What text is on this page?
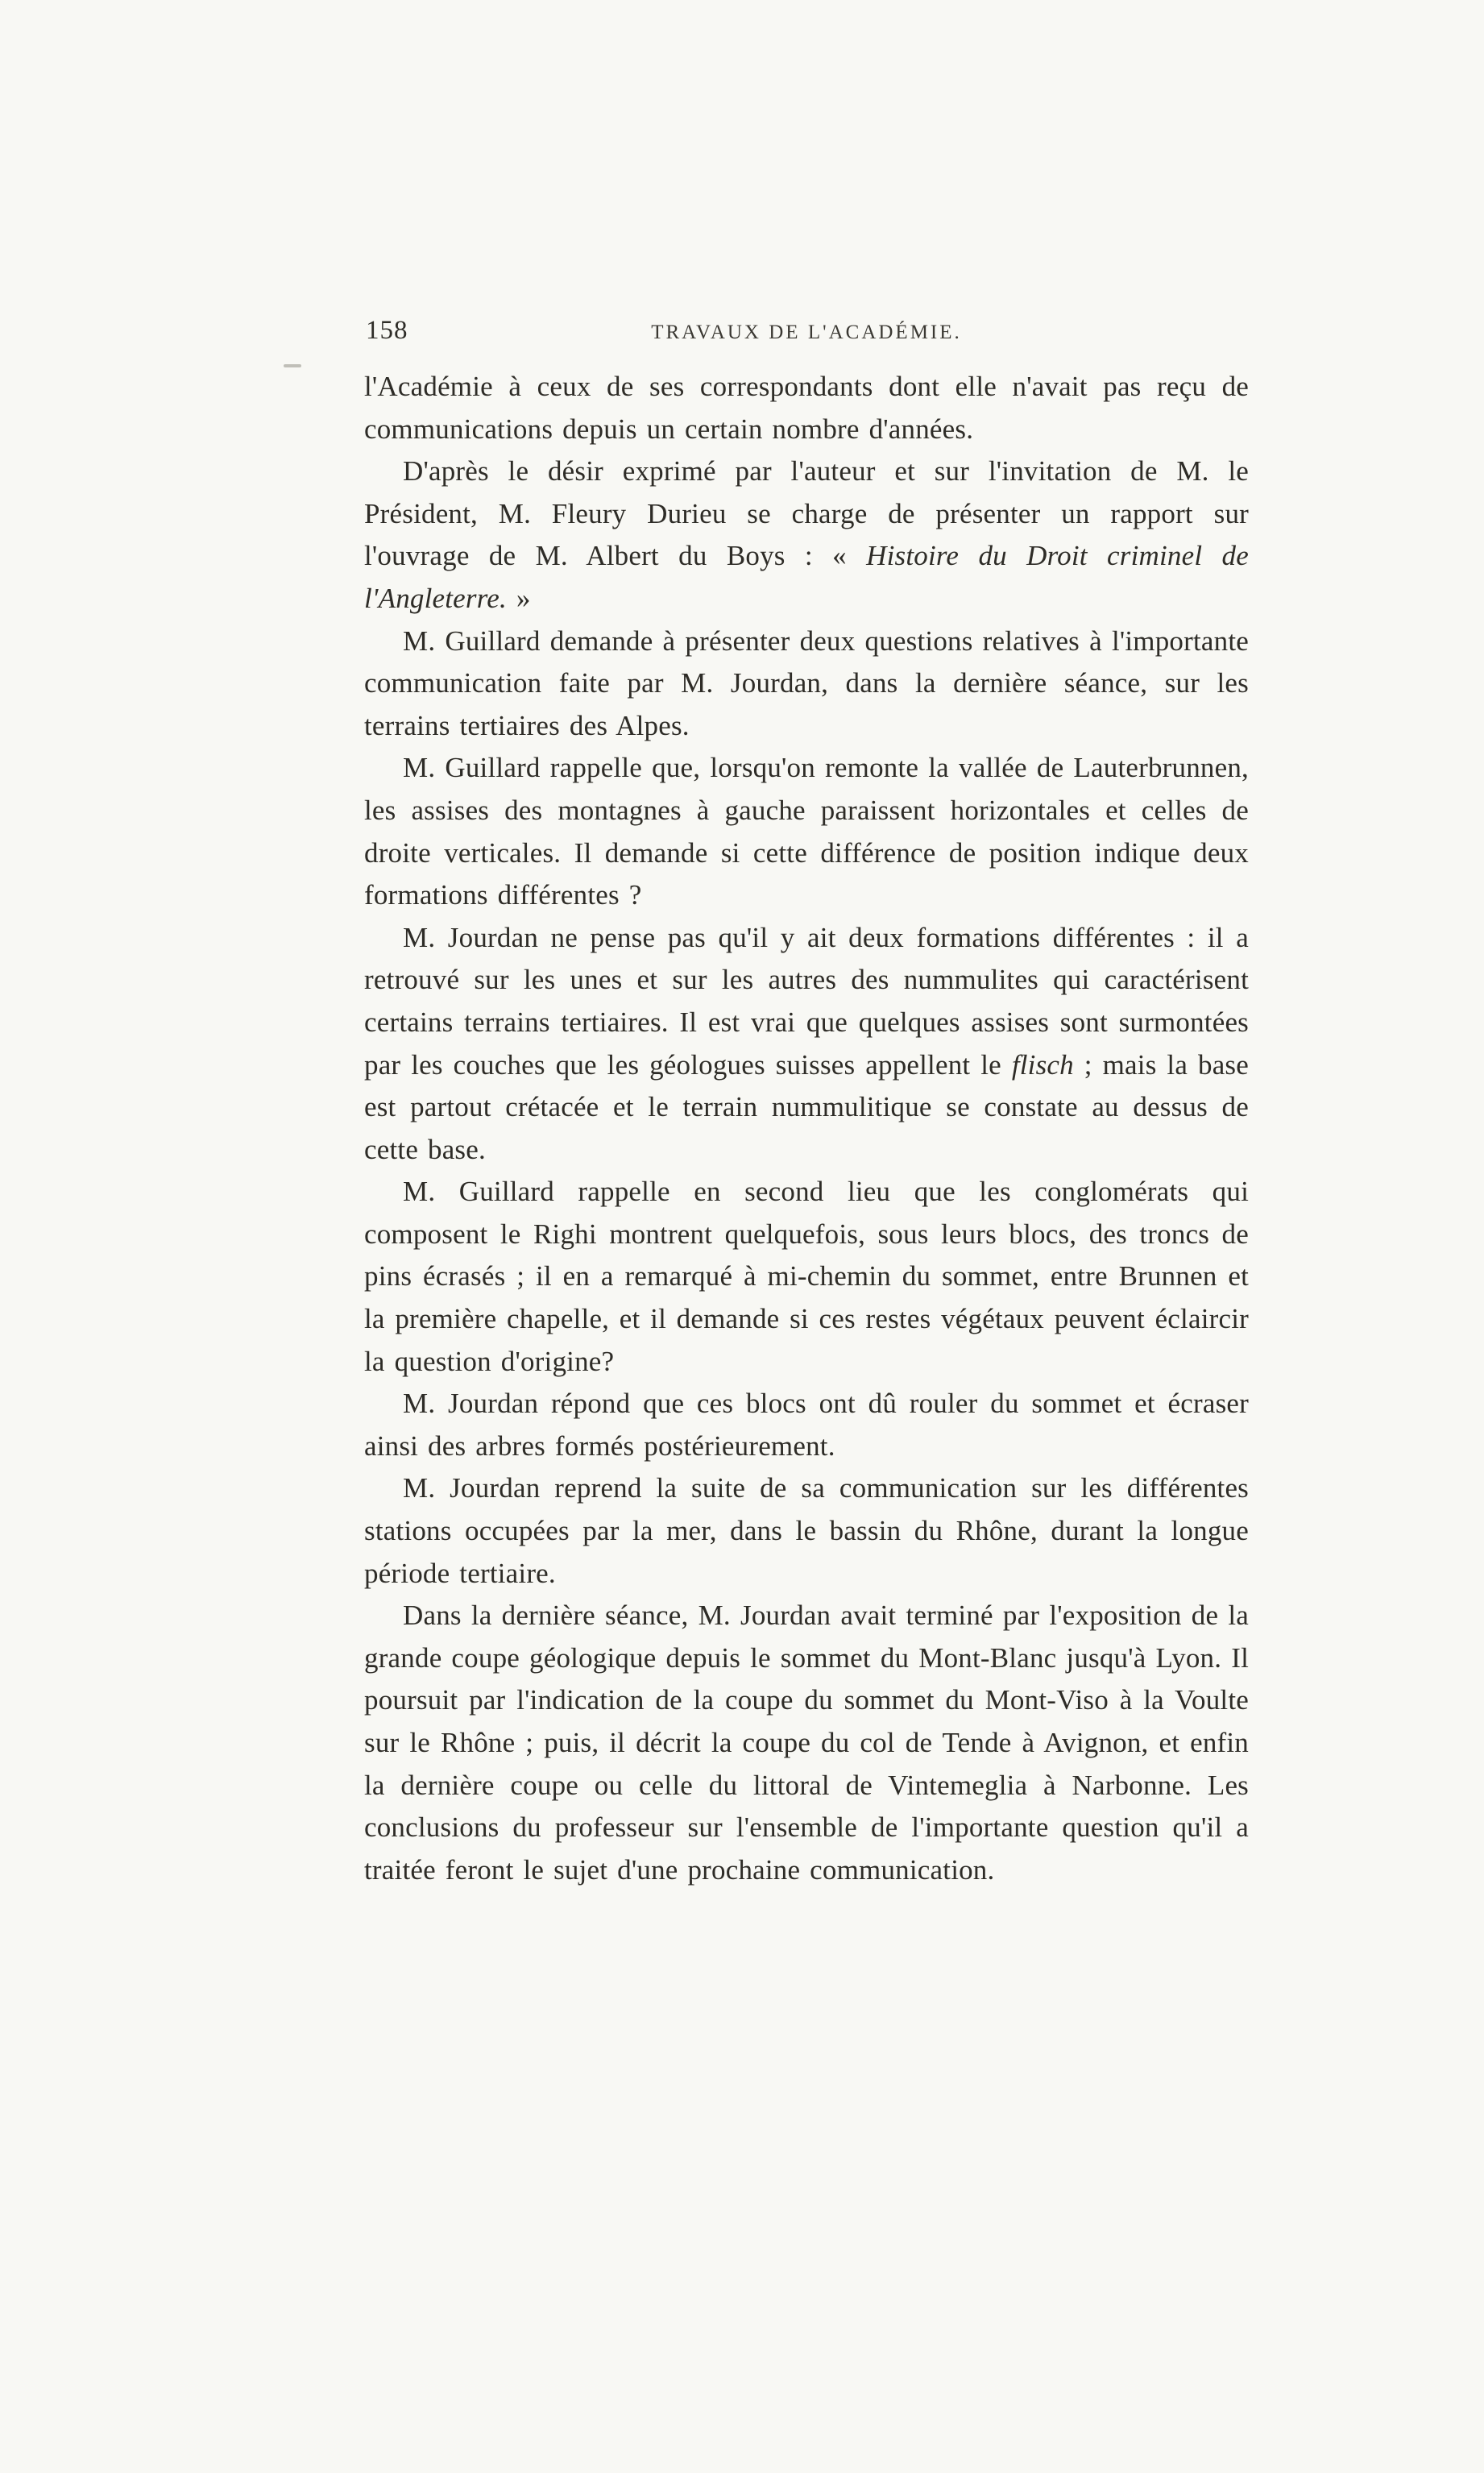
158	TRAVAUX DE L'ACADÉMIE.

l'Académie à ceux de ses correspondants dont elle n'avait pas reçu de communications depuis un certain nombre d'années.

D'après le désir exprimé par l'auteur et sur l'invitation de M. le Président, M. Fleury Durieu se charge de présenter un rapport sur l'ouvrage de M. Albert du Boys : « Histoire du Droit criminel de l'Angleterre. »

M. Guillard demande à présenter deux questions relatives à l'importante communication faite par M. Jourdan, dans la dernière séance, sur les terrains tertiaires des Alpes.

M. Guillard rappelle que, lorsqu'on remonte la vallée de Lauterbrunnen, les assises des montagnes à gauche paraissent horizontales et celles de droite verticales. Il demande si cette différence de position indique deux formations différentes ?

M. Jourdan ne pense pas qu'il y ait deux formations différentes : il a retrouvé sur les unes et sur les autres des nummulites qui caractérisent certains terrains tertiaires. Il est vrai que quelques assises sont surmontées par les couches que les géologues suisses appellent le flisch ; mais la base est partout crétacée et le terrain nummulitique se constate au dessus de cette base.

M. Guillard rappelle en second lieu que les conglomérats qui composent le Righi montrent quelquefois, sous leurs blocs, des troncs de pins écrasés ; il en a remarqué à mi-chemin du sommet, entre Brunnen et la première chapelle, et il demande si ces restes végétaux peuvent éclaircir la question d'origine?

M. Jourdan répond que ces blocs ont dû rouler du sommet et écraser ainsi des arbres formés postérieurement.

M. Jourdan reprend la suite de sa communication sur les différentes stations occupées par la mer, dans le bassin du Rhône, durant la longue période tertiaire.

Dans la dernière séance, M. Jourdan avait terminé par l'exposition de la grande coupe géologique depuis le sommet du Mont-Blanc jusqu'à Lyon. Il poursuit par l'indication de la coupe du sommet du Mont-Viso à la Voulte sur le Rhône ; puis, il décrit la coupe du col de Tende à Avignon, et enfin la dernière coupe ou celle du littoral de Vintemeglia à Narbonne. Les conclusions du professeur sur l'ensemble de l'importante question qu'il a traitée feront le sujet d'une prochaine communication.
